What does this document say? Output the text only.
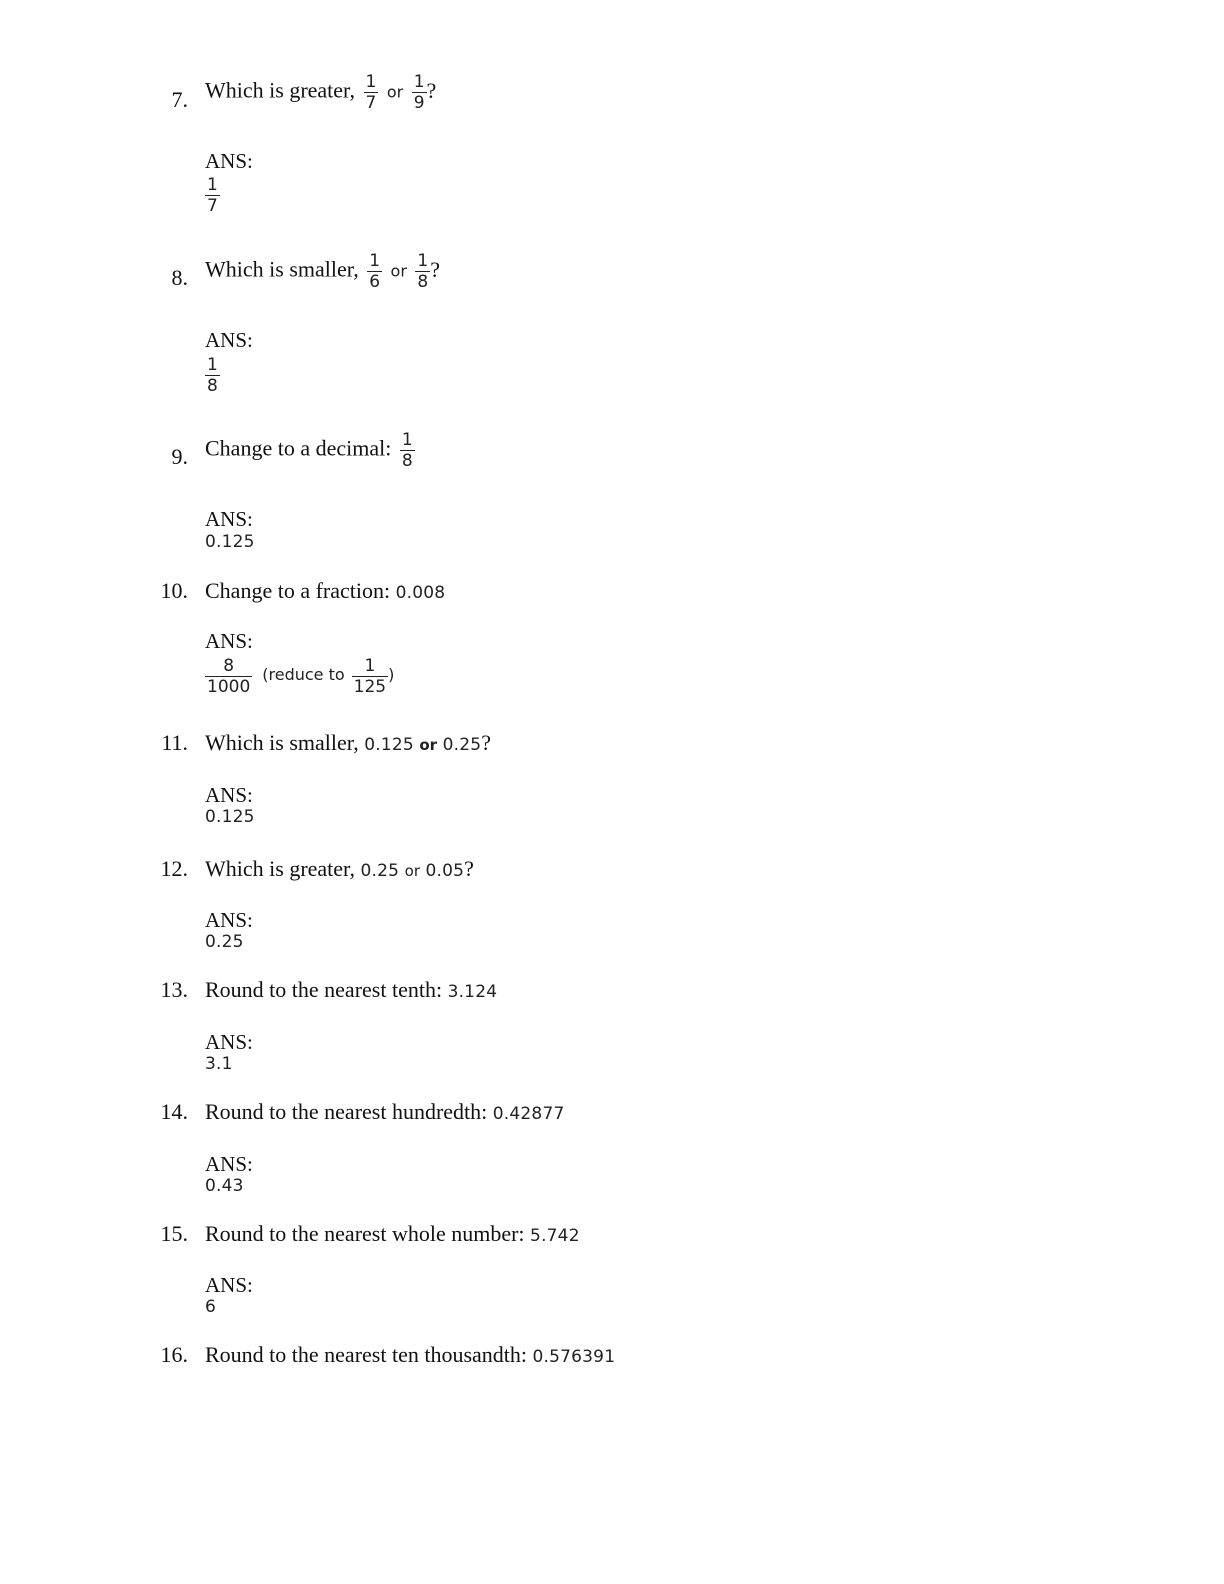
7. Which is greater, $\frac{1}{7}$ or $\frac{1}{9}$ ?
ANS:
$\frac{1}{7}$
8. Which is smaller, $\frac{1}{6}$ or $\frac{1}{8}$ ?
ANS:
$\frac{1}{8}$
9. Change to a decimal: $\frac{1}{8}$
ANS:
0.125
10. Change to a fraction: 0.008
ANS:
$\frac{8}{1000}$ (reduce to $\frac{1}{125}$ )
11. Which is smaller, 0.125 or 0.25?
ANS:
0.125
12. Which is greater, 0.25 or 0.05?
ANS:
0.25
13. Round to the nearest tenth: 3.124
ANS:
3.1
14. Round to the nearest hundredth: 0.42877
ANS:
0.43
15. Round to the nearest whole number: 5.742
ANS:
6
16. Round to the nearest ten thousandth: 0.576391
